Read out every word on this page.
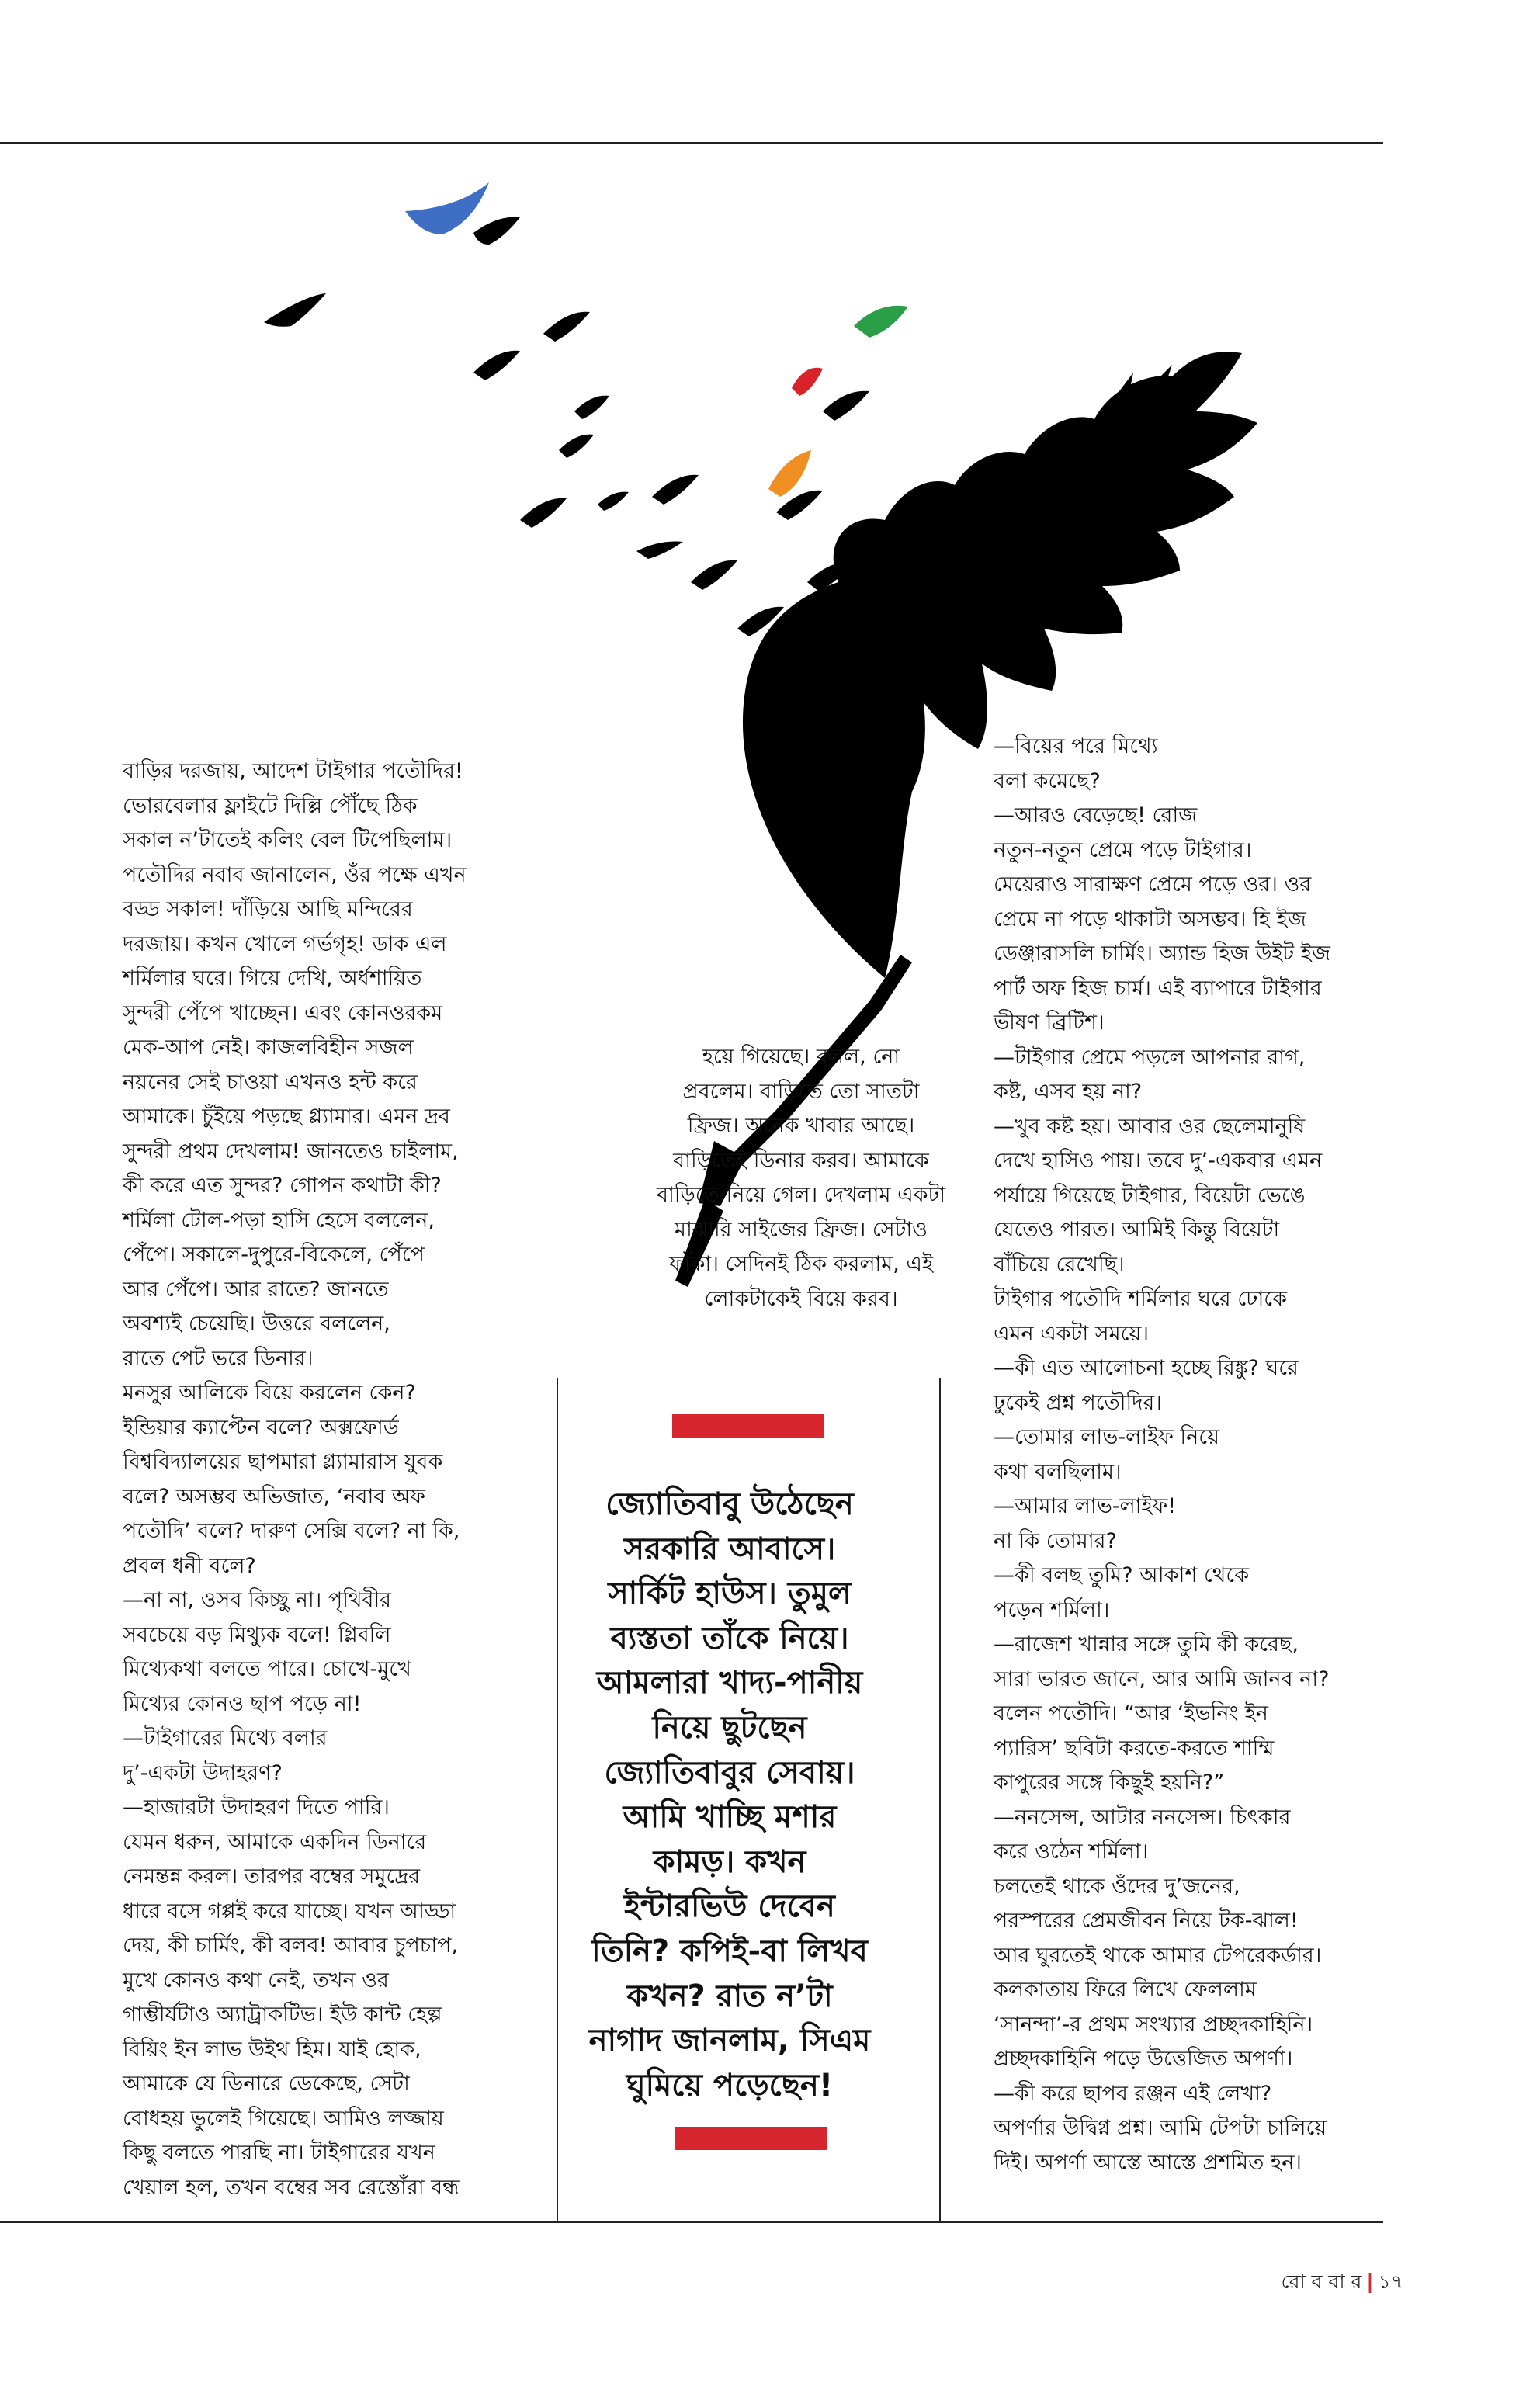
বাড়ির দরজায়, আদেশ টাইগার পতৌদির!

ভোরবেলার ফ্লাইটে দিল্লি পৌঁছে ঠিক

সকাল ন’টাতেই কলিং বেল টিপেছিলাম।

পতৌদির নবাব জানালেন, ওঁর পক্ষে এখন

বড্ড সকাল! দাঁড়িয়ে আছি মন্দিরের

দরজায়। কখন খোলে গর্ভগৃহ! ডাক এল

শর্মিলার ঘরে। গিয়ে দেখি, অর্ধশায়িত

সুন্দরী পেঁপে খাচ্ছেন। এবং কোনওরকম

মেক-আপ নেই। কাজলবিহীন সজল

নয়নের সেই চাওয়া এখনও হন্ট করে

আমাকে। চুঁইয়ে পড়ছে গ্ল্যামার। এমন দ্রব

সুন্দরী প্রথম দেখলাম! জানতেও চাইলাম,

কী করে এত সুন্দর? গোপন কথাটা কী?

শর্মিলা টোল-পড়া হাসি হেসে বললেন,

পেঁপে। সকালে-দুপুরে-বিকেলে, পেঁপে

আর পেঁপে। আর রাতে? জানতে

অবশ্যই চেয়েছি। উত্তরে বললেন,

রাতে পেট ভরে ডিনার।

মনসুর আলিকে বিয়ে করলেন কেন?

ইন্ডিয়ার ক্যাপ্টেন বলে? অক্সফোর্ড

বিশ্ববিদ্যালয়ের ছাপমারা গ্ল্যামারাস যুবক

বলে? অসম্ভব অভিজাত, ‘নবাব অফ

পতৌদি’ বলে? দারুণ সেক্সি বলে? না কি,

প্রবল ধনী বলে?

—না না, ওসব কিচ্ছু না। পৃথিবীর

সবচেয়ে বড় মিথ্যুক বলে! গ্লিবলি

মিথ্যেকথা বলতে পারে। চোখে-মুখে

মিথ্যের কোনও ছাপ পড়ে না!

—টাইগারের মিথ্যে বলার

দু’-একটা উদাহরণ?

—হাজারটা উদাহরণ দিতে পারি।

যেমন ধরুন, আমাকে একদিন ডিনারে

নেমন্তন্ন করল। তারপর বম্বের সমুদ্রের

ধারে বসে গপ্পই করে যাচ্ছে। যখন আড্ডা

দেয়, কী চার্মিং, কী বলব! আবার চুপচাপ,

মুখে কোনও কথা নেই, তখন ওর

গাম্ভীর্যটাও অ্যাট্রাকটিভ। ইউ কান্ট হেল্প

বিয়িং ইন লাভ উইথ হিম। যাই হোক,

আমাকে যে ডিনারে ডেকেছে, সেটা

বোধহয় ভুলেই গিয়েছে। আমিও লজ্জায়

কিছু বলতে পারছি না। টাইগারের যখন

খেয়াল হল, তখন বম্বের সব রেস্তোঁরা বন্ধ

হয়ে গিয়েছে। বলল, নো

প্রবলেম। বাড়িতে তো সাতটা

ফ্রিজ। অনেক খাবার আছে।

বাড়িতেই ডিনার করব। আমাকে

বাড়িতে নিয়ে গেল। দেখলাম একটা

মাঝারি সাইজের ফ্রিজ। সেটাও

ফাঁকা। সেদিনই ঠিক করলাম, এই

লোকটাকেই বিয়ে করব।

জ্যোতিবাবু উঠেছেন

সরকারি আবাসে।

সার্কিট হাউস। তুমুল

ব্যস্ততা তাঁকে নিয়ে।

আমলারা খাদ্য-পানীয়

নিয়ে ছুটছেন

জ্যোতিবাবুর সেবায়।

আমি খাচ্ছি মশার

কামড়। কখন

ইন্টারভিউ দেবেন

তিনি? কপিই-বা লিখব

কখন? রাত ন’টা

নাগাদ জানলাম, সিএম

ঘুমিয়ে পড়েছেন!

—বিয়ের পরে মিথ্যে

বলা কমেছে?

—আরও বেড়েছে! রোজ

নতুন-নতুন প্রেমে পড়ে টাইগার।

মেয়েরাও সারাক্ষণ প্রেমে পড়ে ওর। ওর

প্রেমে না পড়ে থাকাটা অসম্ভব। হি ইজ

ডেঞ্জারাসলি চার্মিং। অ্যান্ড হিজ উইট ইজ

পার্ট অফ হিজ চার্ম। এই ব্যাপারে টাইগার

ভীষণ ব্রিটিশ।

—টাইগার প্রেমে পড়লে আপনার রাগ,

কষ্ট, এসব হয় না?

—খুব কষ্ট হয়। আবার ওর ছেলেমানুষি

দেখে হাসিও পায়। তবে দু’-একবার এমন

পর্যায়ে গিয়েছে টাইগার, বিয়েটা ভেঙে

যেতেও পারত। আমিই কিন্তু বিয়েটা

বাঁচিয়ে রেখেছি।

টাইগার পতৌদি শর্মিলার ঘরে ঢোকে

এমন একটা সময়ে।

—কী এত আলোচনা হচ্ছে রিঙ্কু? ঘরে

ঢুকেই প্রশ্ন পতৌদির।

—তোমার লাভ-লাইফ নিয়ে

কথা বলছিলাম।

—আমার লাভ-লাইফ!

না কি তোমার?

—কী বলছ তুমি? আকাশ থেকে

পড়েন শর্মিলা।

—রাজেশ খান্নার সঙ্গে তুমি কী করেছ,

সারা ভারত জানে, আর আমি জানব না?

বলেন পতৌদি। “আর ‘ইভনিং ইন

প্যারিস’ ছবিটা করতে-করতে শাম্মি

কাপুরের সঙ্গে কিছুই হয়নি?”

—ননসেন্স, আটার ননসেন্স। চিৎকার

করে ওঠেন শর্মিলা।

চলতেই থাকে ওঁদের দু’জনের,

পরস্পরের প্রেমজীবন নিয়ে টক-ঝাল!

আর ঘুরতেই থাকে আমার টেপরেকর্ডার।

কলকাতায় ফিরে লিখে ফেললাম

‘সানন্দা’-র প্রথম সংখ্যার প্রচ্ছদকাহিনি।

প্রচ্ছদকাহিনি পড়ে উত্তেজিত অপর্ণা।

—কী করে ছাপব রঞ্জন এই লেখা?

অপর্ণার উদ্বিগ্ন প্রশ্ন। আমি টেপটা চালিয়ে

দিই। অপর্ণা আস্তে আস্তে প্রশমিত হন।

রো ব বা র | ১৭
